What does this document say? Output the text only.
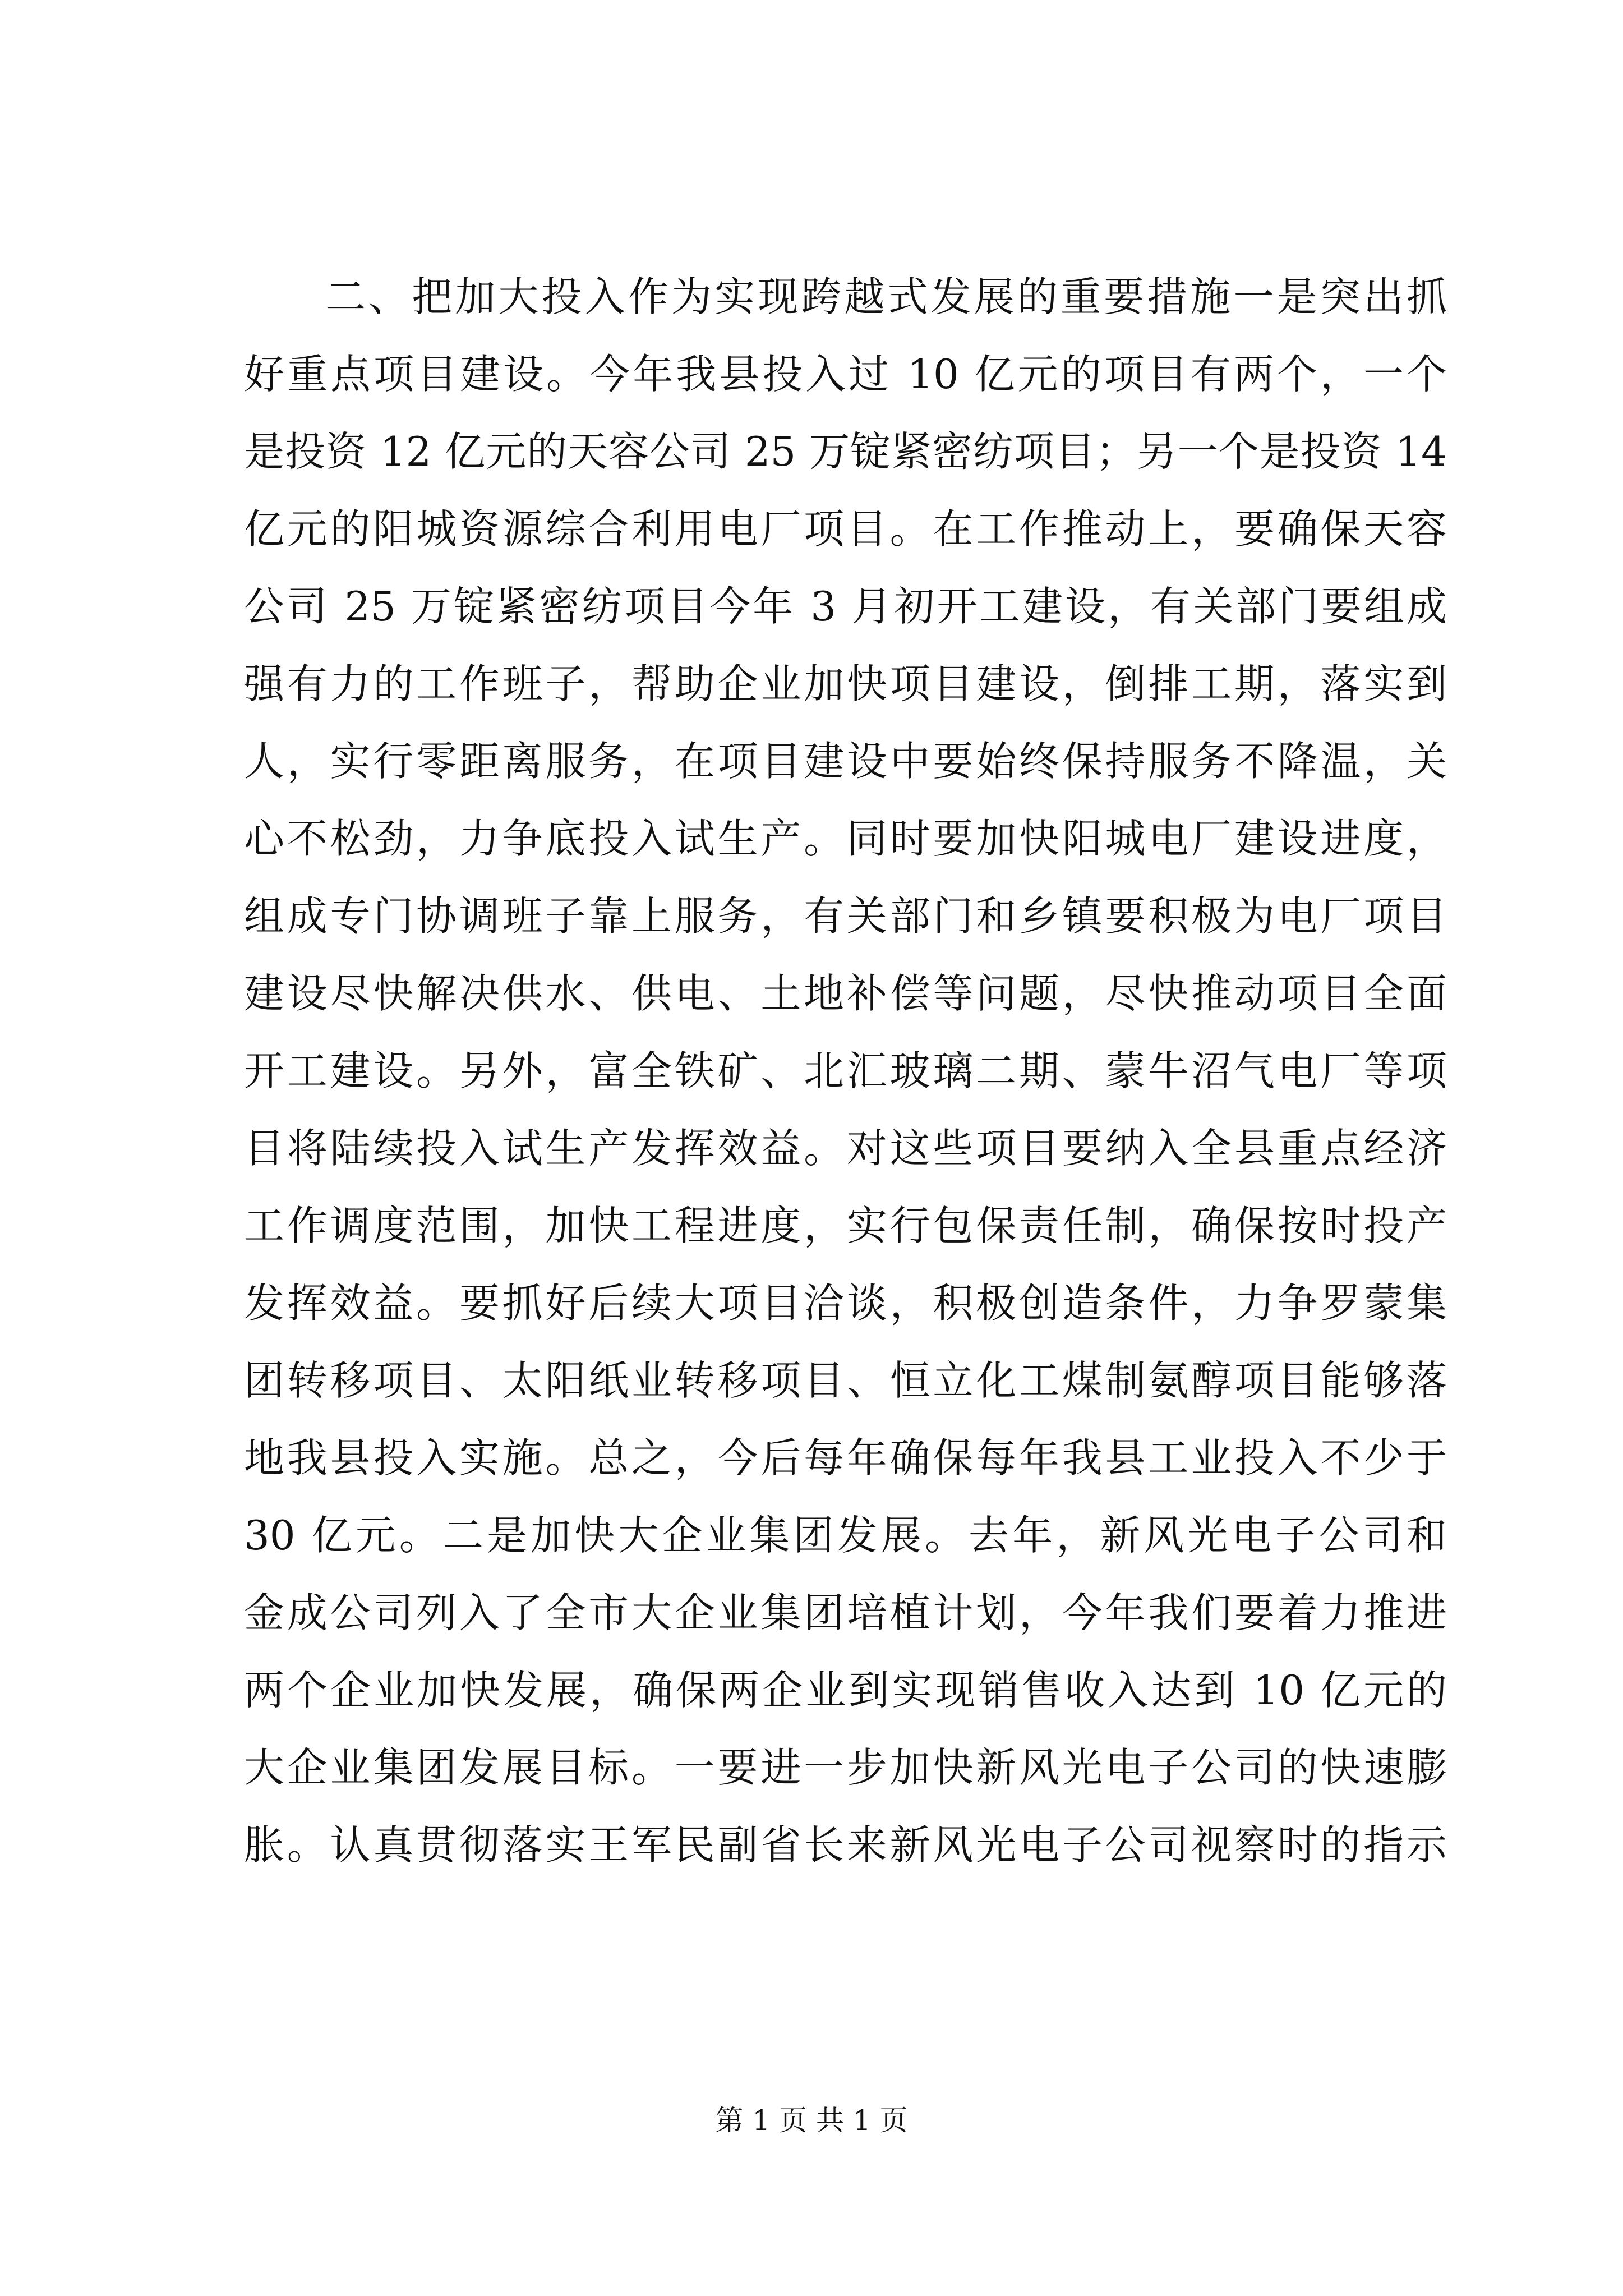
二、把加大投入作为实现跨越式发展的重要措施一是突出抓
好重点项目建设。今年我县投入过 10 亿元的项目有两个，一个
是投资 12 亿元的天容公司 25 万锭紧密纺项目；另一个是投资 14
亿元的阳城资源综合利用电厂项目。在工作推动上，要确保天容
公司 25 万锭紧密纺项目今年 3 月初开工建设，有关部门要组成
强有力的工作班子，帮助企业加快项目建设，倒排工期，落实到
人，实行零距离服务，在项目建设中要始终保持服务不降温，关
心不松劲，力争底投入试生产。同时要加快阳城电厂建设进度，
组成专门协调班子靠上服务，有关部门和乡镇要积极为电厂项目
建设尽快解决供水、供电、土地补偿等问题，尽快推动项目全面
开工建设。另外，富全铁矿、北汇玻璃二期、蒙牛沼气电厂等项
目将陆续投入试生产发挥效益。对这些项目要纳入全县重点经济
工作调度范围，加快工程进度，实行包保责任制，确保按时投产
发挥效益。要抓好后续大项目洽谈，积极创造条件，力争罗蒙集
团转移项目、太阳纸业转移项目、恒立化工煤制氨醇项目能够落
地我县投入实施。总之，今后每年确保每年我县工业投入不少于
30 亿元。二是加快大企业集团发展。去年，新风光电子公司和
金成公司列入了全市大企业集团培植计划，今年我们要着力推进
两个企业加快发展，确保两企业到实现销售收入达到 10 亿元的
大企业集团发展目标。一要进一步加快新风光电子公司的快速膨
胀。认真贯彻落实王军民副省长来新风光电子公司视察时的指示
第 1 页 共 1 页
